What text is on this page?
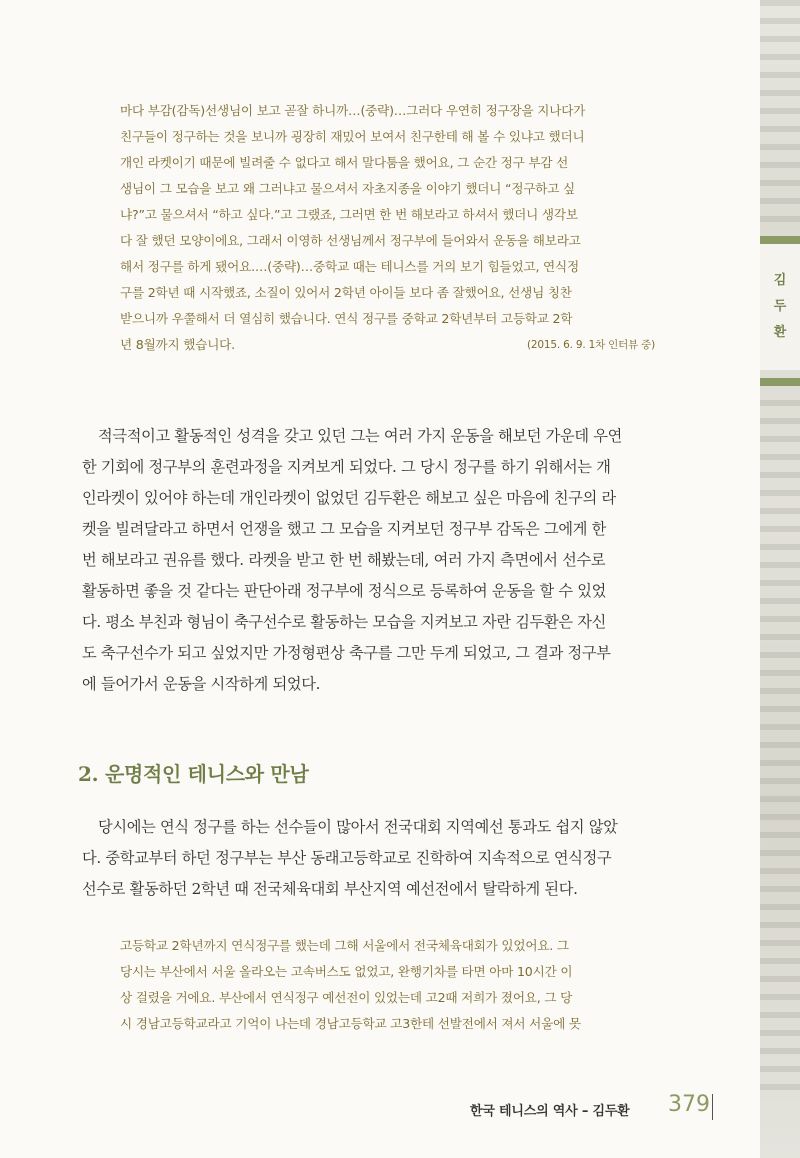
김
두
환
마다 부감(감독)선생님이 보고 곧잘 하니까…(중략)…그러다 우연히 정구장을 지나다가
친구들이 정구하는 것을 보니까 굉장히 재밌어 보여서 친구한테 해 볼 수 있냐고 했더니
개인 라켓이기 때문에 빌려줄 수 없다고 해서 말다툼을 했어요, 그 순간 정구 부감 선
생님이 그 모습을 보고 왜 그러냐고 물으셔서 자초지종을 이야기 했더니 “정구하고 싶
냐?”고 물으셔서 “하고 싶다.”고 그랬죠, 그러면 한 번 해보라고 하셔서 했더니 생각보
다 잘 했던 모양이에요, 그래서 이영하 선생님께서 정구부에 들어와서 운동을 해보라고
해서 정구를 하게 됐어요.…(중략)…중학교 때는 테니스를 거의 보기 힘들었고, 연식정
구를 2학년 때 시작했죠, 소질이 있어서 2학년 아이들 보다 좀 잘했어요, 선생님 칭찬
받으니까 우쭐해서 더 열심히 했습니다. 연식 정구를 중학교 2학년부터 고등학교 2학
년 8월까지 했습니다.	(2015. 6. 9. 1차 인터뷰 중)
적극적이고 활동적인 성격을 갖고 있던 그는 여러 가지 운동을 해보던 가운데 우연
한 기회에 정구부의 훈련과정을 지켜보게 되었다. 그 당시 정구를 하기 위해서는 개
인라켓이 있어야 하는데 개인라켓이 없었던 김두환은 해보고 싶은 마음에 친구의 라
켓을 빌려달라고 하면서 언쟁을 했고 그 모습을 지켜보던 정구부 감독은 그에게 한
번 해보라고 권유를 했다. 라켓을 받고 한 번 해봤는데, 여러 가지 측면에서 선수로
활동하면 좋을 것 같다는 판단아래 정구부에 정식으로 등록하여 운동을 할 수 있었
다. 평소 부친과 형님이 축구선수로 활동하는 모습을 지켜보고 자란 김두환은 자신
도 축구선수가 되고 싶었지만 가정형편상 축구를 그만 두게 되었고, 그 결과 정구부
에 들어가서 운동을 시작하게 되었다.
2. 운명적인 테니스와 만남
당시에는 연식 정구를 하는 선수들이 많아서 전국대회 지역예선 통과도 쉽지 않았
다. 중학교부터 하던 정구부는 부산 동래고등학교로 진학하여 지속적으로 연식정구
선수로 활동하던 2학년 때 전국체육대회 부산지역 예선전에서 탈락하게 된다.
고등학교 2학년까지 연식정구를 했는데 그해 서울에서 전국체육대회가 있었어요. 그
당시는 부산에서 서울 올라오는 고속버스도 없었고, 완행기차를 타면 아마 10시간 이
상 걸렸을 거에요. 부산에서 연식정구 예선전이 있었는데 고2때 저희가 졌어요, 그 당
시 경남고등학교라고 기억이 나는데 경남고등학교 고3한테 선발전에서 져서 서울에 못
한국 테니스의 역사 – 김두환 379
